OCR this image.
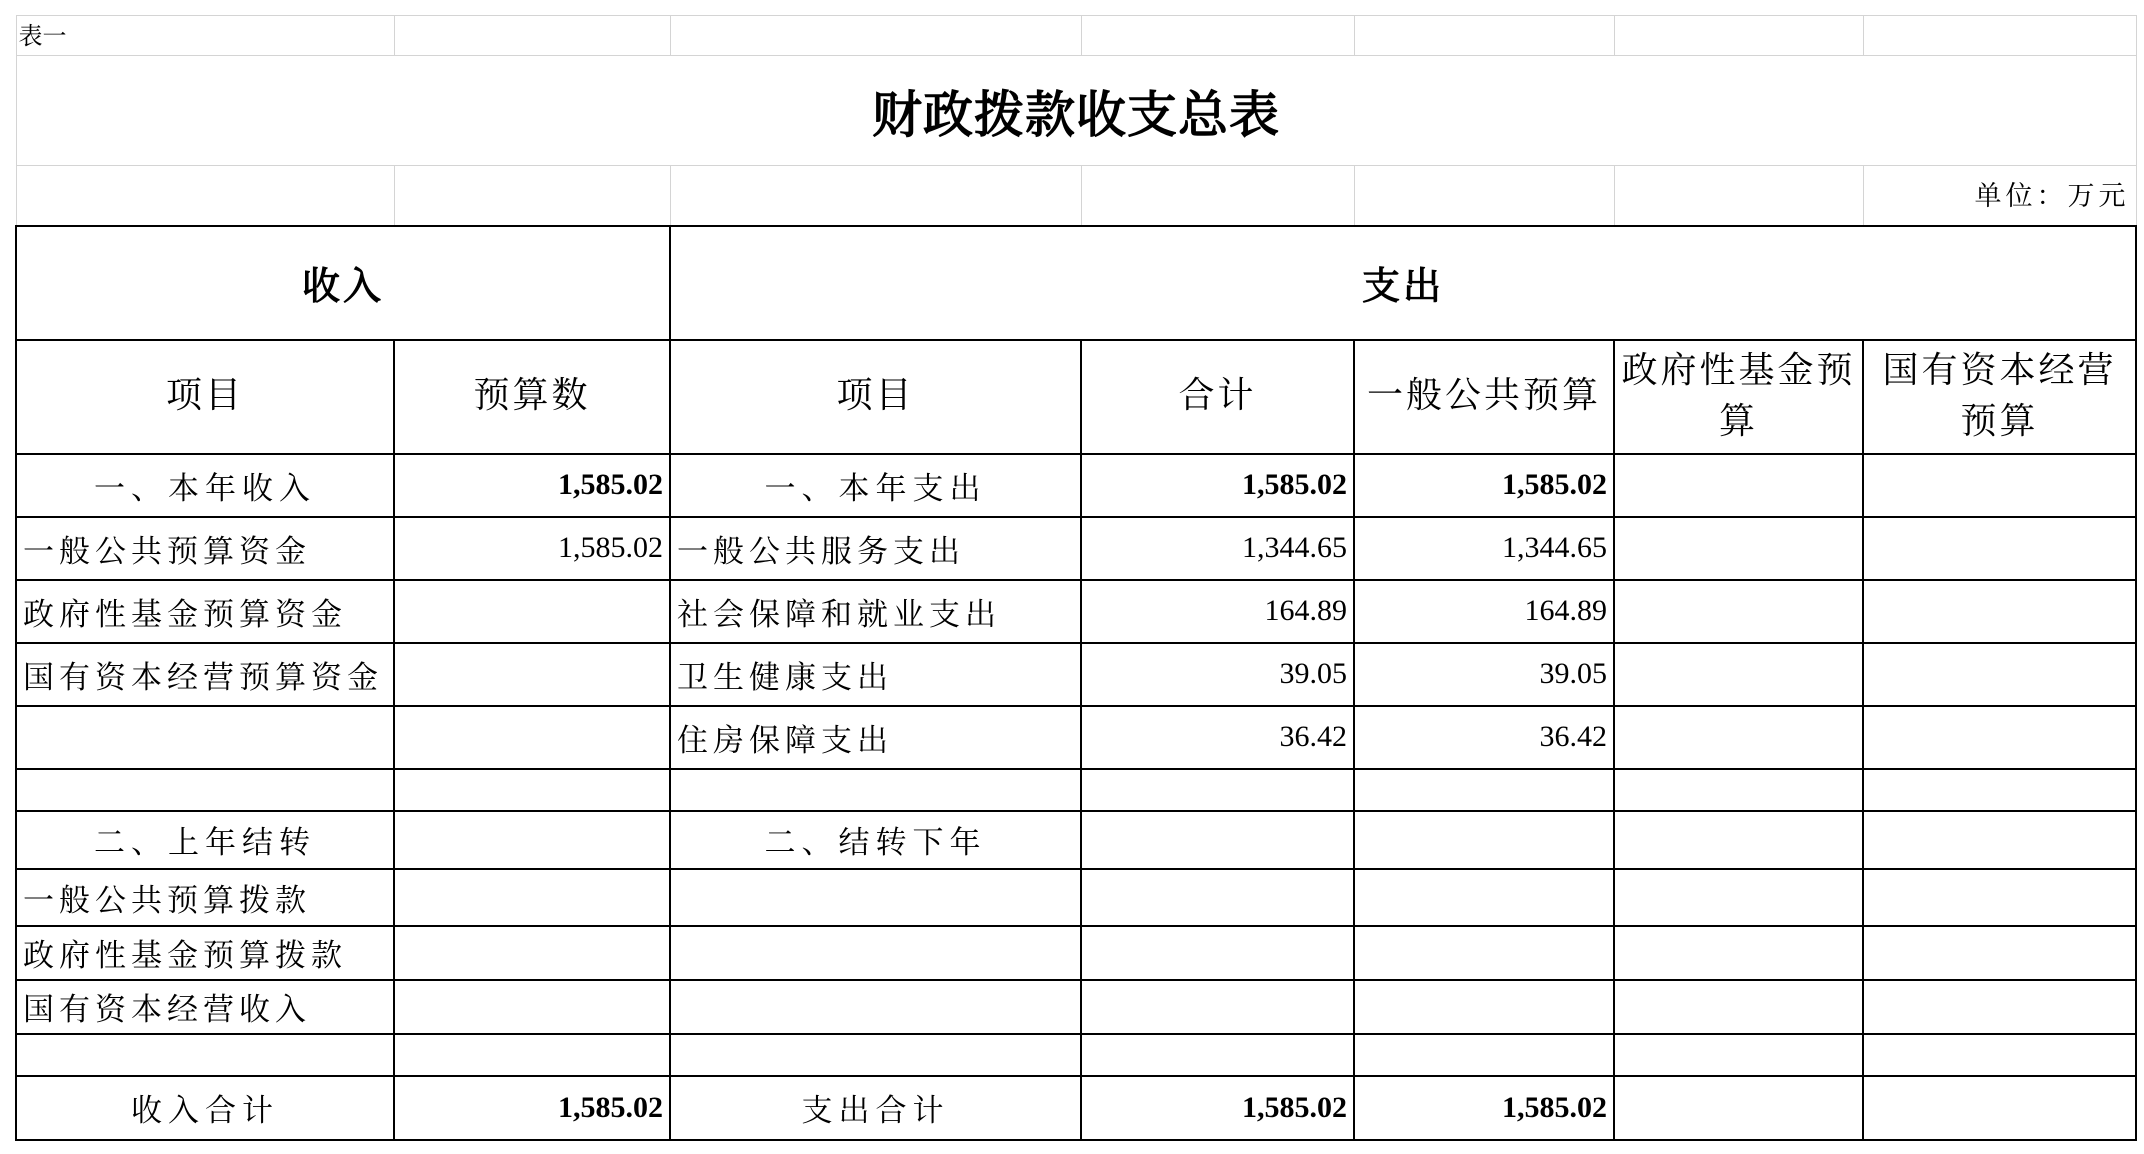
表一						
财政拨款收支总表						
						单位：万元
收入		支出				
项目	预算数	项目	合计	一般公共预算	政府性基金预算	国有资本经营预算
一、本年收入	1,585.02	一、本年支出	1,585.02	1,585.02		
一般公共预算资金	1,585.02	一般公共服务支出	1,344.65	1,344.65		
政府性基金预算资金		社会保障和就业支出	164.89	164.89		
国有资本经营预算资金		卫生健康支出	39.05	39.05		
		住房保障支出	36.42	36.42		

二、上年结转		二、结转下年				
一般公共预算拨款						
政府性基金预算拨款						
国有资本经营收入						

收入合计	1,585.02	支出合计	1,585.02	1,585.02		
